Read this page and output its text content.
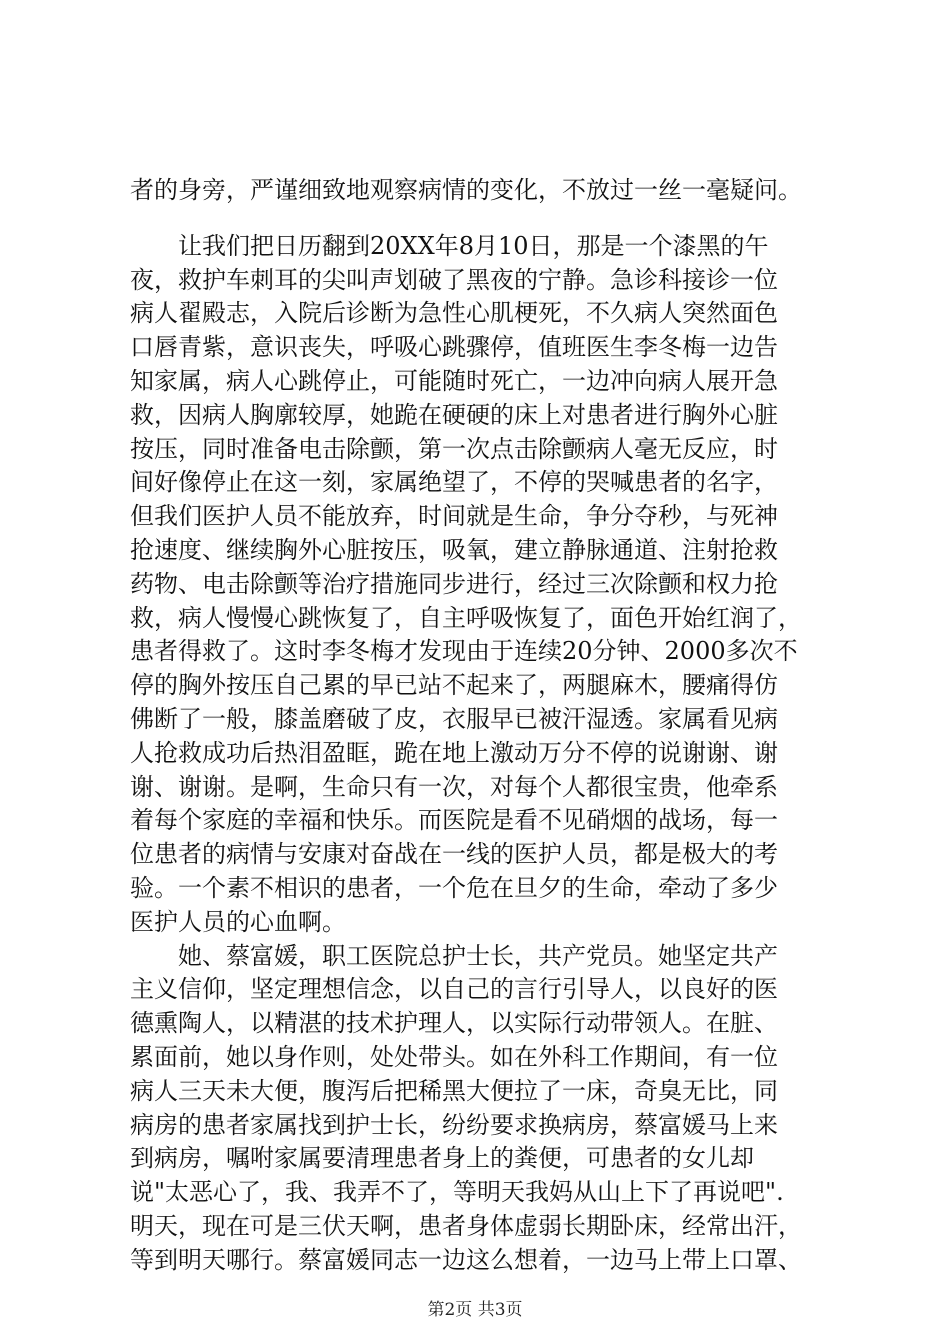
者的身旁，严谨细致地观察病情的变化，不放过一丝一毫疑问。
　　让我们把日历翻到20XX年8月10日，那是一个漆黑的午
夜，救护车刺耳的尖叫声划破了黑夜的宁静。急诊科接诊一位
病人翟殿志，入院后诊断为急性心肌梗死，不久病人突然面色
口唇青紫，意识丧失，呼吸心跳骤停，值班医生李冬梅一边告
知家属，病人心跳停止，可能随时死亡，一边冲向病人展开急
救，因病人胸廓较厚，她跪在硬硬的床上对患者进行胸外心脏
按压，同时准备电击除颤，第一次点击除颤病人毫无反应，时
间好像停止在这一刻，家属绝望了，不停的哭喊患者的名字，
但我们医护人员不能放弃，时间就是生命，争分夺秒，与死神
抢速度、继续胸外心脏按压，吸氧，建立静脉通道、注射抢救
药物、电击除颤等治疗措施同步进行，经过三次除颤和权力抢
救，病人慢慢心跳恢复了，自主呼吸恢复了，面色开始红润了，
患者得救了。这时李冬梅才发现由于连续20分钟、2000多次不
停的胸外按压自己累的早已站不起来了，两腿麻木，腰痛得仿
佛断了一般，膝盖磨破了皮，衣服早已被汗湿透。家属看见病
人抢救成功后热泪盈眶，跪在地上激动万分不停的说谢谢、谢
谢、谢谢。是啊，生命只有一次，对每个人都很宝贵，他牵系
着每个家庭的幸福和快乐。而医院是看不见硝烟的战场，每一
位患者的病情与安康对奋战在一线的医护人员，都是极大的考
验。一个素不相识的患者，一个危在旦夕的生命，牵动了多少
医护人员的心血啊。
　　她、蔡富媛，职工医院总护士长，共产党员。她坚定共产
主义信仰，坚定理想信念，以自己的言行引导人，以良好的医
德熏陶人，以精湛的技术护理人，以实际行动带领人。在脏、
累面前，她以身作则，处处带头。如在外科工作期间，有一位
病人三天未大便，腹泻后把稀黑大便拉了一床，奇臭无比，同
病房的患者家属找到护士长，纷纷要求换病房，蔡富媛马上来
到病房，嘱咐家属要清理患者身上的粪便，可患者的女儿却
说"太恶心了，我、我弄不了，等明天我妈从山上下了再说吧".
明天，现在可是三伏天啊，患者身体虚弱长期卧床，经常出汗，
等到明天哪行。蔡富媛同志一边这么想着，一边马上带上口罩、
第2页 共3页
